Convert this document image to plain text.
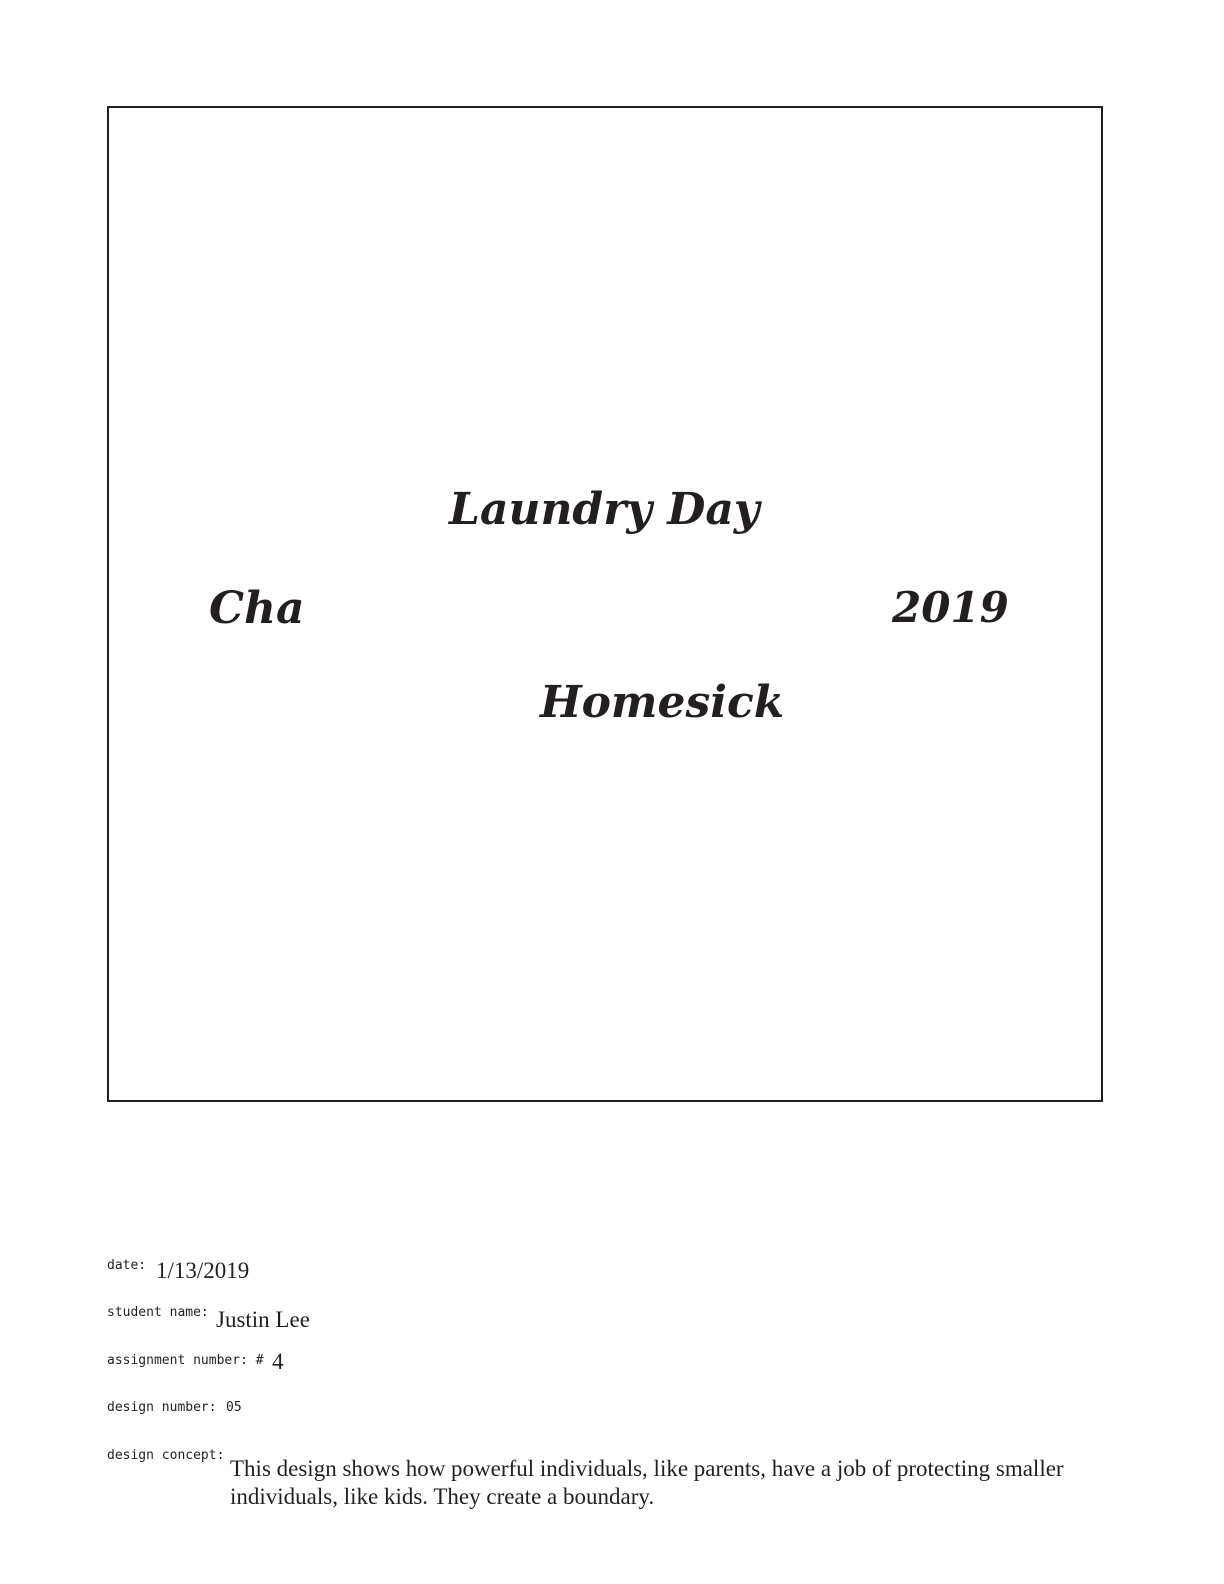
Laundry Day
Cha	2019
Homesick
date: 1/13/2019
student name: Justin Lee
assignment number: # 4
design number: 05
design concept:
This design shows how powerful individuals, like parents, have a job of protecting smaller individuals, like kids. They create a boundary.
